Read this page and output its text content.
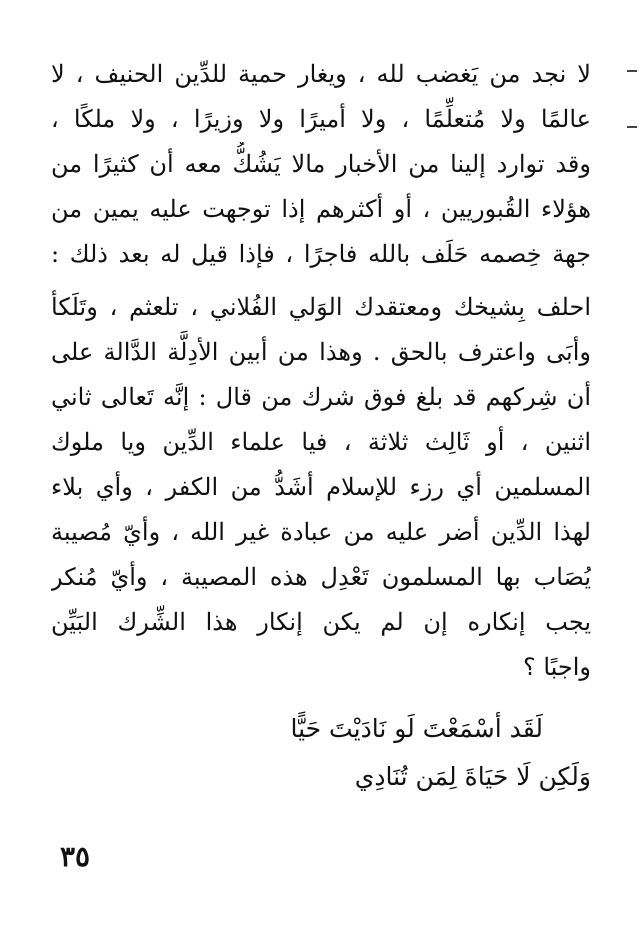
لا نجد من يَغضب لله ، ويغار حمية للدِّين الحنيف ، لا
عالمًا ولا مُتعلِّمًا ، ولا أميرًا ولا وزيرًا ، ولا ملكًا ،
وقد توارد إلينا من الأخبار مالا يَشُكُّ معه أن كثيرًا من
هؤلاء القُبوريين ، أو أكثرهم إذا توجهت عليه يمين من
جهة خِصمه حَلَف بالله فاجرًا ، فإذا قيل له بعد ذلك :
احلف بِشيخك ومعتقدك الوَلي الفُلاني ، تلعثم ، وتَلَكأ
وأبَى واعترف بالحق . وهذا من أبين الأدِلَّة الدَّالة على
أن شِركهم قد بلغ فوق شرك من قال : إنَّه تَعالى ثاني
اثنين ، أو ثَالِث ثلاثة ، فيا علماء الدِّين ويا ملوك
المسلمين أي رزء للإسلام أشَدُّ من الكفر ، وأي بلاء
لهذا الدِّين أضر عليه من عبادة غير الله ، وأيّ مُصيبة
يُصَاب بها المسلمون تَعْدِل هذه المصيبة ، وأيّ مُنكر
يجب إنكاره إن لم يكن إنكار هذا الشِّرك البَيِّن
واجبًا ؟
لَقَد أسْمَعْتَ لَو نَادَيْتَ حَيًّا
وَلَكِن لَا حَيَاةَ لِمَن تُنَادِي
٣٥
